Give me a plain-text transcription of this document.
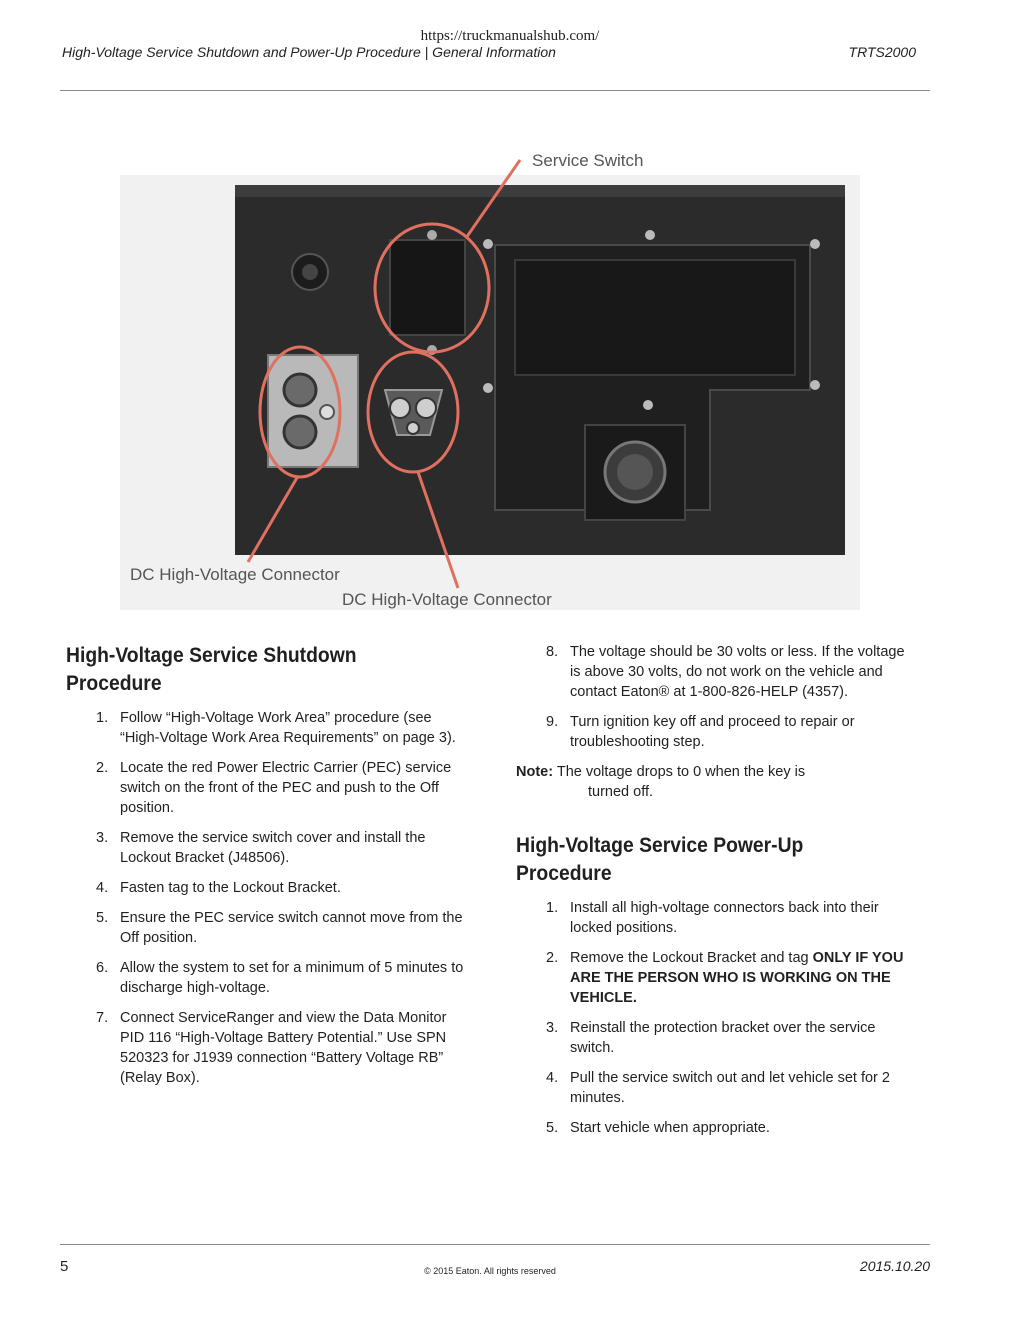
https://truckmanualshub.com/
High-Voltage Service Shutdown and Power-Up Procedure | General Information	TRTS2000
Service Switch
DC High-Voltage Connector
DC High-Voltage Connector
High-Voltage Service Shutdown
Procedure
1. Follow “High-Voltage Work Area” procedure (see “High-Voltage Work Area Requirements” on page 3).
2. Locate the red Power Electric Carrier (PEC) service switch on the front of the PEC and push to the Off position.
3. Remove the service switch cover and install the Lockout Bracket (J48506).
4. Fasten tag to the Lockout Bracket.
5. Ensure the PEC service switch cannot move from the Off position.
6. Allow the system to set for a minimum of 5 minutes to discharge high-voltage.
7. Connect ServiceRanger and view the Data Monitor PID 116 “High-Voltage Battery Potential.” Use SPN 520323 for J1939 connection “Battery Voltage RB” (Relay Box).
8. The voltage should be 30 volts or less. If the voltage is above 30 volts, do not work on the vehicle and contact Eaton® at 1-800-826-HELP (4357).
9. Turn ignition key off and proceed to repair or troubleshooting step.
Note: The voltage drops to 0 when the key is
turned off.
High-Voltage Service Power-Up
Procedure
1. Install all high-voltage connectors back into their locked positions.
2. Remove the Lockout Bracket and tag ONLY IF YOU ARE THE PERSON WHO IS WORKING ON THE VEHICLE.
3. Reinstall the protection bracket over the service switch.
4. Pull the service switch out and let vehicle set for 2 minutes.
5. Start vehicle when appropriate.
5	© 2015 Eaton. All rights reserved	2015.10.20
